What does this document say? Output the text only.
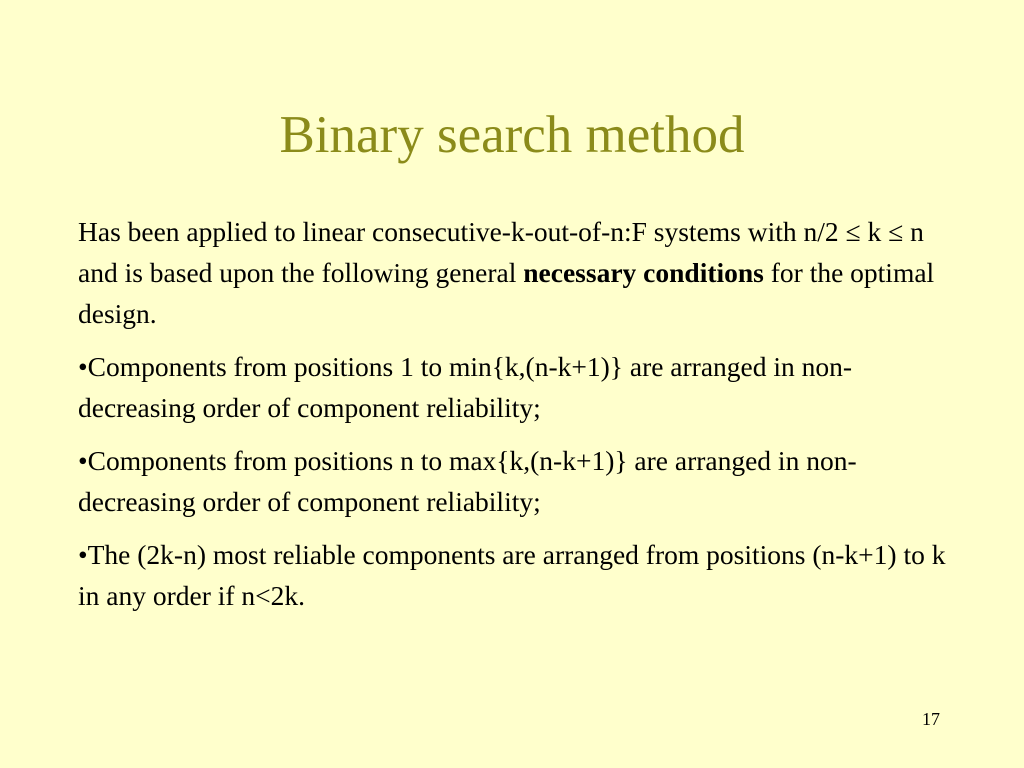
Binary search method

Has been applied to linear consecutive-k-out-of-n:F systems with n/2 ≤ k ≤ n and is based upon the following general necessary conditions for the optimal design.

•Components from positions 1 to min{k,(n-k+1)} are arranged in non-decreasing order of component reliability;

•Components from positions n to max{k,(n-k+1)} are arranged in non-decreasing order of component reliability;

•The (2k-n) most reliable components are arranged from positions (n-k+1) to k in any order if n<2k.

17
